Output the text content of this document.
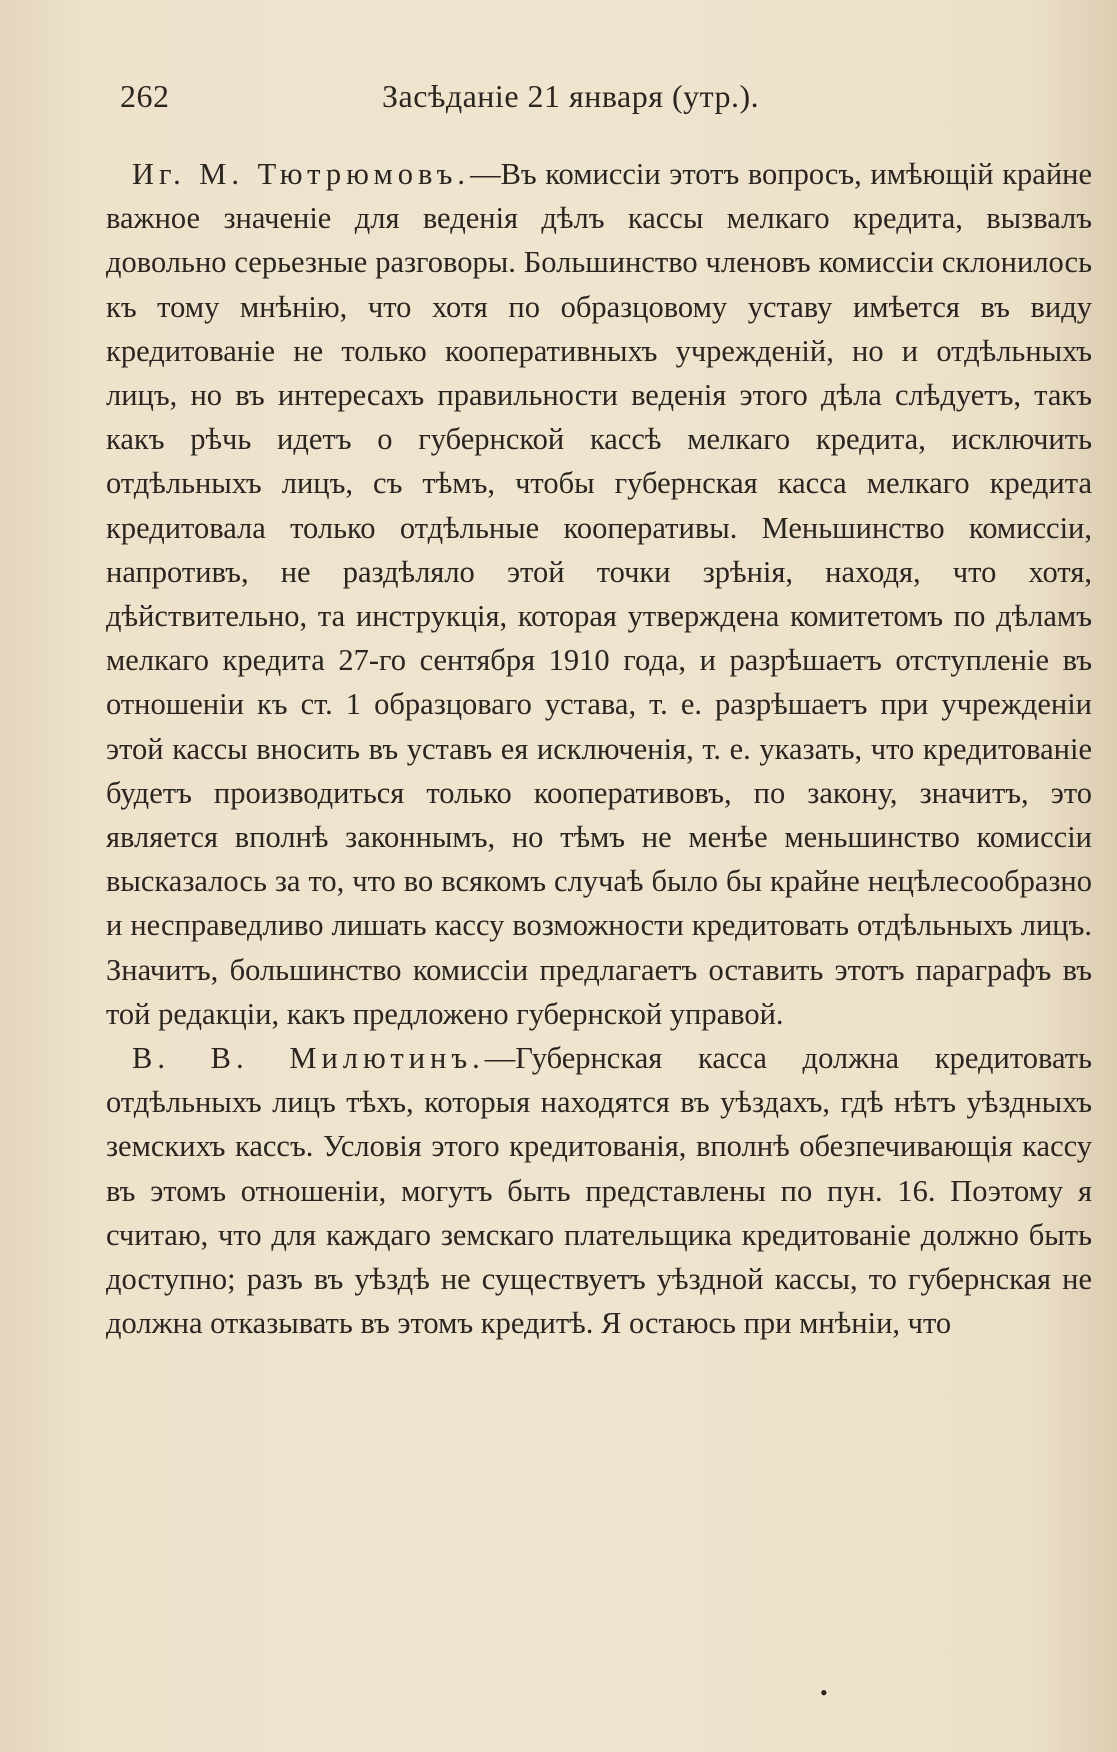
262	Засѣданіе 21 января (утр.).

Иг. М. Тютрюмовъ.—Въ комиссіи этотъ вопросъ, имѣющій крайне важное значеніе для веденія дѣлъ кассы мелкаго кредита, вызвалъ довольно серьезные разговоры. Большинство членовъ комиссіи склонилось къ тому мнѣнію, что хотя по образцовому уставу имѣется въ виду кредитованіе не только кооперативныхъ учрежденій, но и отдѣльныхъ лицъ, но въ интересахъ правильности веденія этого дѣла слѣдуетъ, такъ какъ рѣчь идетъ о губернской кассѣ мелкаго кредита, исключить отдѣльныхъ лицъ, съ тѣмъ, чтобы губернская касса мелкаго кредита кредитовала только отдѣльные кооперативы. Меньшинство комиссіи, напротивъ, не раздѣляло этой точки зрѣнія, находя, что хотя, дѣйствительно, та инструкція, которая утверждена комитетомъ по дѣламъ мелкаго кредита 27-го сентября 1910 года, и разрѣшаетъ отступленіе въ отношеніи къ ст. 1 образцоваго устава, т. е. разрѣшаетъ при учрежденіи этой кассы вносить въ уставъ ея исключенія, т. е. указать, что кредитованіе будетъ производиться только кооперативовъ, по закону, значитъ, это является вполнѣ законнымъ, но тѣмъ не менѣе меньшинство комиссіи высказалось за то, что во всякомъ случаѣ было бы крайне нецѣлесообразно и несправедливо лишать кассу возможности кредитовать отдѣльныхъ лицъ. Значитъ, большинство комиссіи предлагаетъ оставить этотъ параграфъ въ той редакціи, какъ предложено губернской управой.

В. В. Милютинъ.—Губернская касса должна кредитовать отдѣльныхъ лицъ тѣхъ, которыя находятся въ уѣздахъ, гдѣ нѣтъ уѣздныхъ земскихъ кассъ. Условія этого кредитованія, вполнѣ обезпечивающія кассу въ этомъ отношеніи, могутъ быть представлены по пун. 16. Поэтому я считаю, что для каждаго земскаго плательщика кредитованіе должно быть доступно; разъ въ уѣздѣ не существуетъ уѣздной кассы, то губернская не должна отказывать въ этомъ кредитѣ. Я остаюсь при мнѣніи, что

•
